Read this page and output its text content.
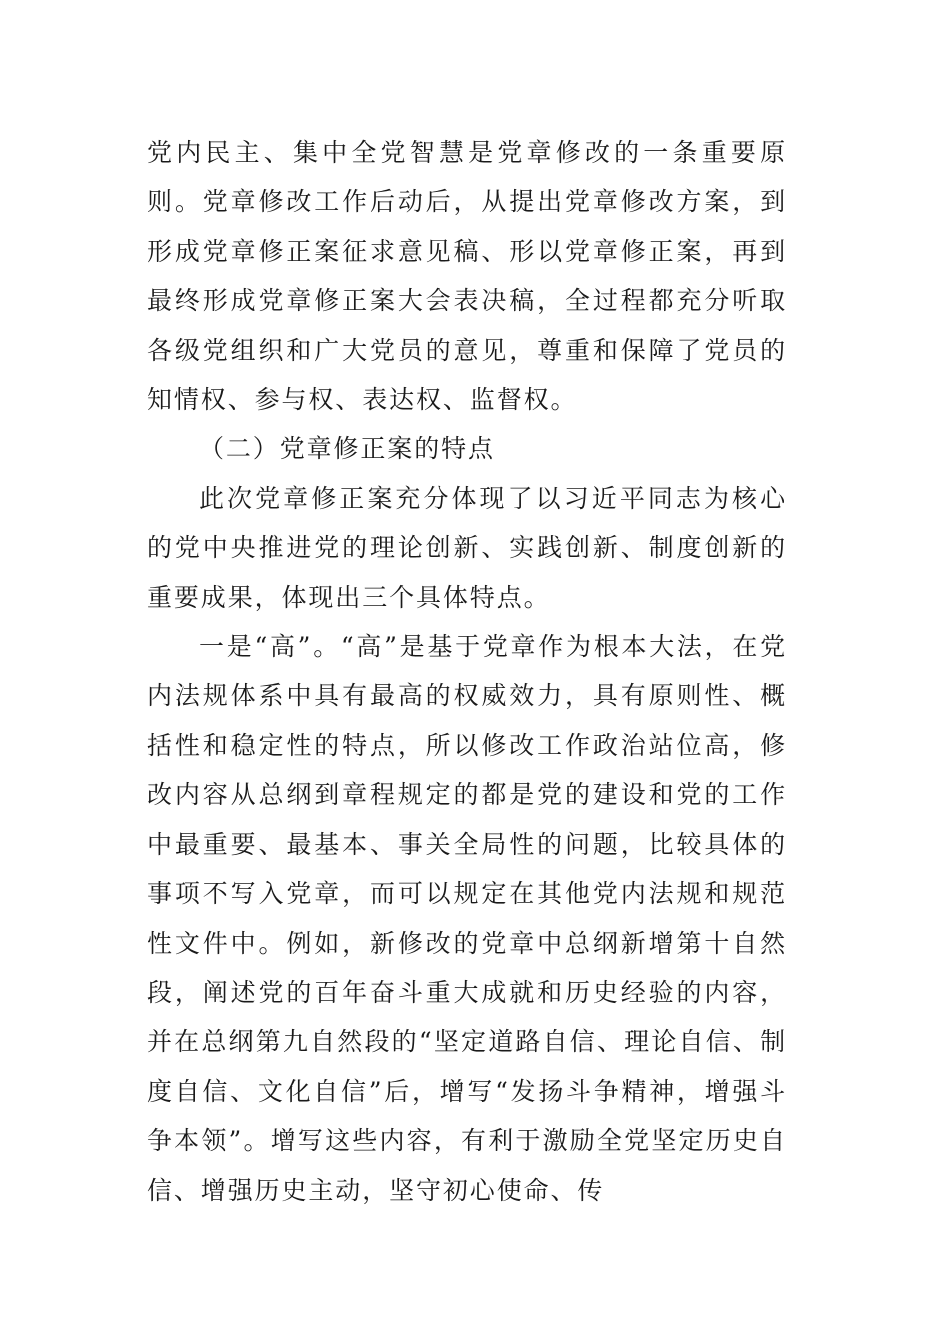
党内民主、集中全党智慧是党章修改的一条重要原则。党章修改工作后动后，从提出党章修改方案，到形成党章修正案征求意见稿、形以党章修正案，再到最终形成党章修正案大会表决稿，全过程都充分听取各级党组织和广大党员的意见，尊重和保障了党员的知情权、参与权、表达权、监督权。

（二）党章修正案的特点

此次党章修正案充分体现了以习近平同志为核心的党中央推进党的理论创新、实践创新、制度创新的重要成果，体现出三个具体特点。

一是“高”。“高”是基于党章作为根本大法，在党内法规体系中具有最高的权威效力，具有原则性、概括性和稳定性的特点，所以修改工作政治站位高，修改内容从总纲到章程规定的都是党的建设和党的工作中最重要、最基本、事关全局性的问题，比较具体的事项不写入党章，而可以规定在其他党内法规和规范性文件中。例如，新修改的党章中总纲新增第十自然段，阐述党的百年奋斗重大成就和历史经验的内容，并在总纲第九自然段的“坚定道路自信、理论自信、制度自信、文化自信”后，增写“发扬斗争精神，增强斗争本领”。增写这些内容，有利于激励全党坚定历史自信、增强历史主动，坚守初心使命、传
